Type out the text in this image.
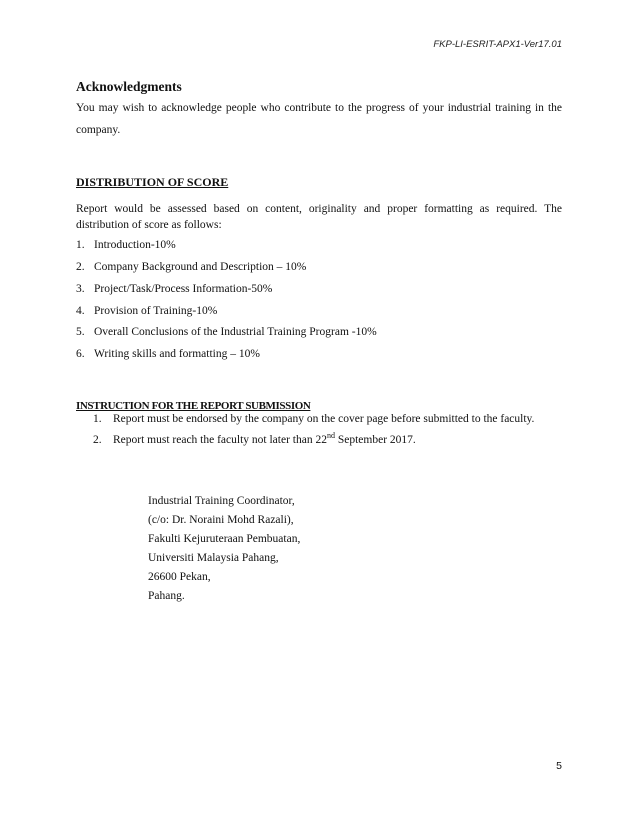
FKP-LI-ESRIT-APX1-Ver17.01
Acknowledgments

You may wish to acknowledge people who contribute to the progress of your industrial training in the company.

DISTRIBUTION OF SCORE

Report would be assessed based on content, originality and proper formatting as required. The distribution of score as follows:

1. Introduction-10%
2. Company Background and Description – 10%
3. Project/Task/Process Information-50%
4. Provision of Training-10%
5. Overall Conclusions of the Industrial Training Program -10%
6. Writing skills and formatting – 10%
INSTRUCTION FOR THE REPORT SUBMISSION
1. Report must be endorsed by the company on the cover page before submitted to the faculty.
2. Report must reach the faculty not later than 22nd September 2017.
Industrial Training Coordinator,
(c/o: Dr. Noraini Mohd Razali),
Fakulti Kejuruteraan Pembuatan,
Universiti Malaysia Pahang,
26600 Pekan,
Pahang.
5
